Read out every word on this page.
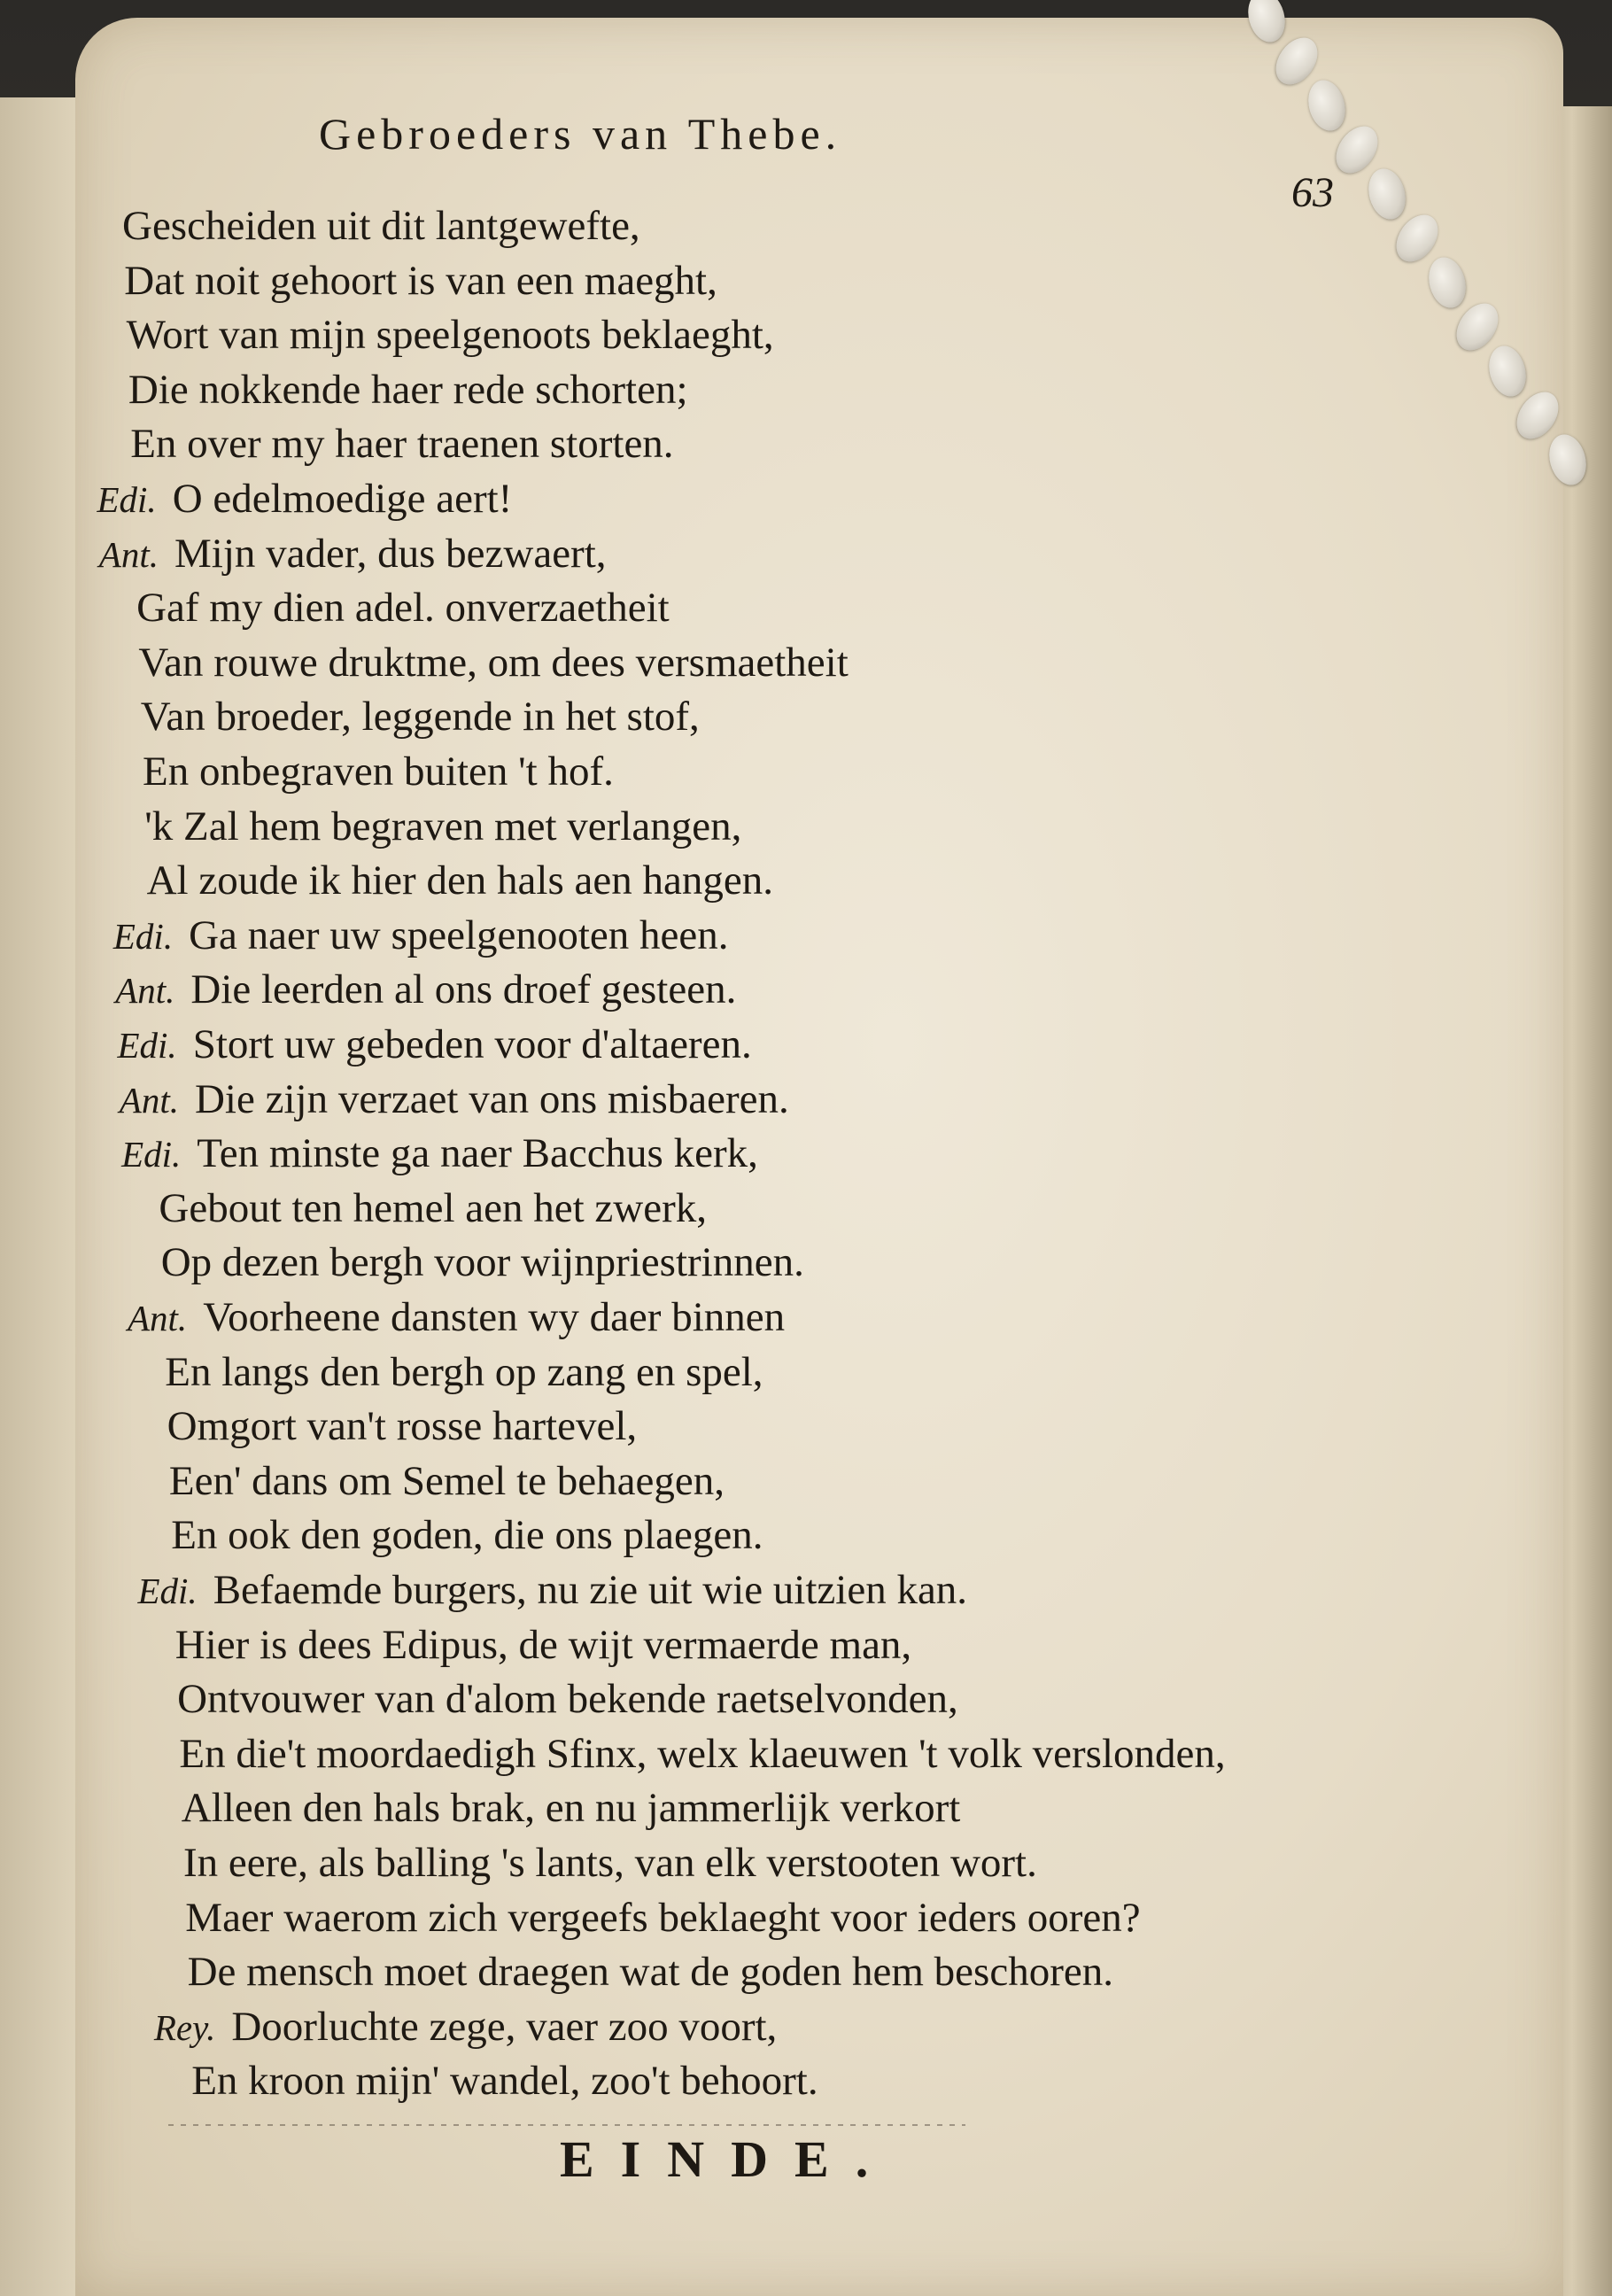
Gebroeders van Thebe.
63
Gescheiden uit dit lantgewefte,
Dat noit gehoort is van een maeght,
Wort van mijn speelgenoots beklaeght,
Die nokkende haer rede schorten;
En over my haer traenen storten.
Edi. O edelmoedige aert!
Ant. Mijn vader, dus bezwaert,
Gaf my dien adel. onverzaetheit
Van rouwe druktme, om dees versmaetheit
Van broeder, leggende in het stof,
En onbegraven buiten 't hof.
'k Zal hem begraven met verlangen,
Al zoude ik hier den hals aen hangen.
Edi. Ga naer uw speelgenooten heen.
Ant. Die leerden al ons droef gesteen.
Edi. Stort uw gebeden voor d'altaeren.
Ant. Die zijn verzaet van ons misbaeren.
Edi. Ten minste ga naer Bacchus kerk,
Gebout ten hemel aen het zwerk,
Op dezen bergh voor wijnpriestrinnen.
Ant. Voorheene dansten wy daer binnen
En langs den bergh op zang en spel,
Omgort van't rosse hartevel,
Een' dans om Semel te behaegen,
En ook den goden, die ons plaegen.
Edi. Befaemde burgers, nu zie uit wie uitzien kan.
Hier is dees Edipus, de wijt vermaerde man,
Ontvouwer van d'alom bekende raetselvonden,
En die't moordaedigh Sfinx, welx klaeuwen 't volk verslonden,
Alleen den hals brak, en nu jammerlijk verkort
In eere, als balling 's lants, van elk verstooten wort.
Maer waerom zich vergeefs beklaeght voor ieders ooren?
De mensch moet draegen wat de goden hem beschoren.
Rey. Doorluchte zege, vaer zoo voort,
En kroon mijn' wandel, zoo't behoort.
EINDE.
